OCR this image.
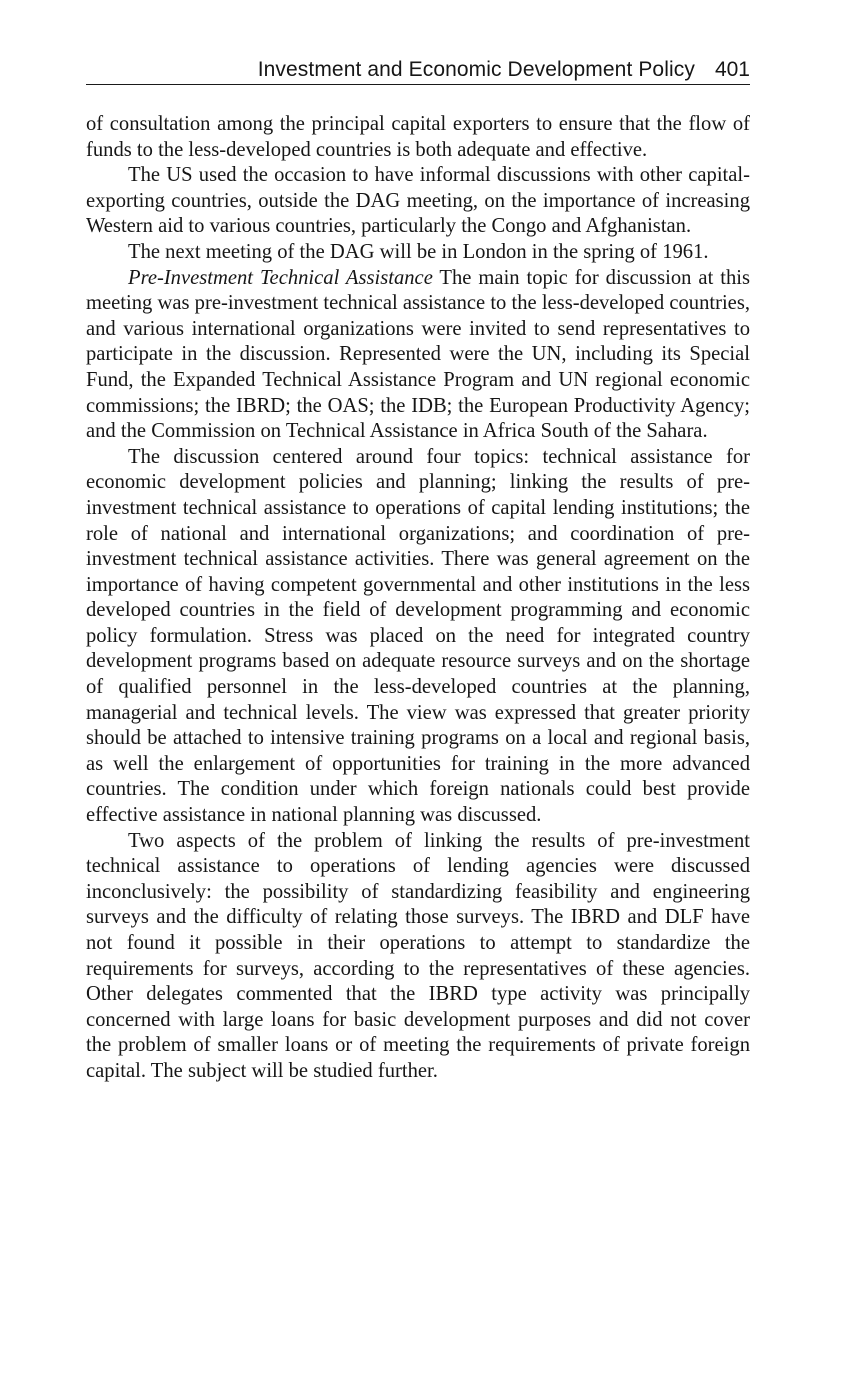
Investment and Economic Development Policy 401

of consultation among the principal capital exporters to ensure that the flow of funds to the less-developed countries is both adequate and effective.

The US used the occasion to have informal discussions with other capital-exporting countries, outside the DAG meeting, on the importance of increasing Western aid to various countries, particularly the Congo and Afghanistan.

The next meeting of the DAG will be in London in the spring of 1961.

Pre-Investment Technical Assistance The main topic for discussion at this meeting was pre-investment technical assistance to the less-developed countries, and various international organizations were invited to send representatives to participate in the discussion. Represented were the UN, including its Special Fund, the Expanded Technical Assistance Program and UN regional economic commissions; the IBRD; the OAS; the IDB; the European Productivity Agency; and the Commission on Technical Assistance in Africa South of the Sahara.

The discussion centered around four topics: technical assistance for economic development policies and planning; linking the results of pre-investment technical assistance to operations of capital lending institutions; the role of national and international organizations; and coordination of pre-investment technical assistance activities. There was general agreement on the importance of having competent governmental and other institutions in the less developed countries in the field of development programming and economic policy formulation. Stress was placed on the need for integrated country development programs based on adequate resource surveys and on the shortage of qualified personnel in the less-developed countries at the planning, managerial and technical levels. The view was expressed that greater priority should be attached to intensive training programs on a local and regional basis, as well the enlargement of opportunities for training in the more advanced countries. The condition under which foreign nationals could best provide effective assistance in national planning was discussed.

Two aspects of the problem of linking the results of pre-investment technical assistance to operations of lending agencies were discussed inconclusively: the possibility of standardizing feasibility and engineering surveys and the difficulty of relating those surveys. The IBRD and DLF have not found it possible in their operations to attempt to standardize the requirements for surveys, according to the representatives of these agencies. Other delegates commented that the IBRD type activity was principally concerned with large loans for basic development purposes and did not cover the problem of smaller loans or of meeting the requirements of private foreign capital. The subject will be studied further.
